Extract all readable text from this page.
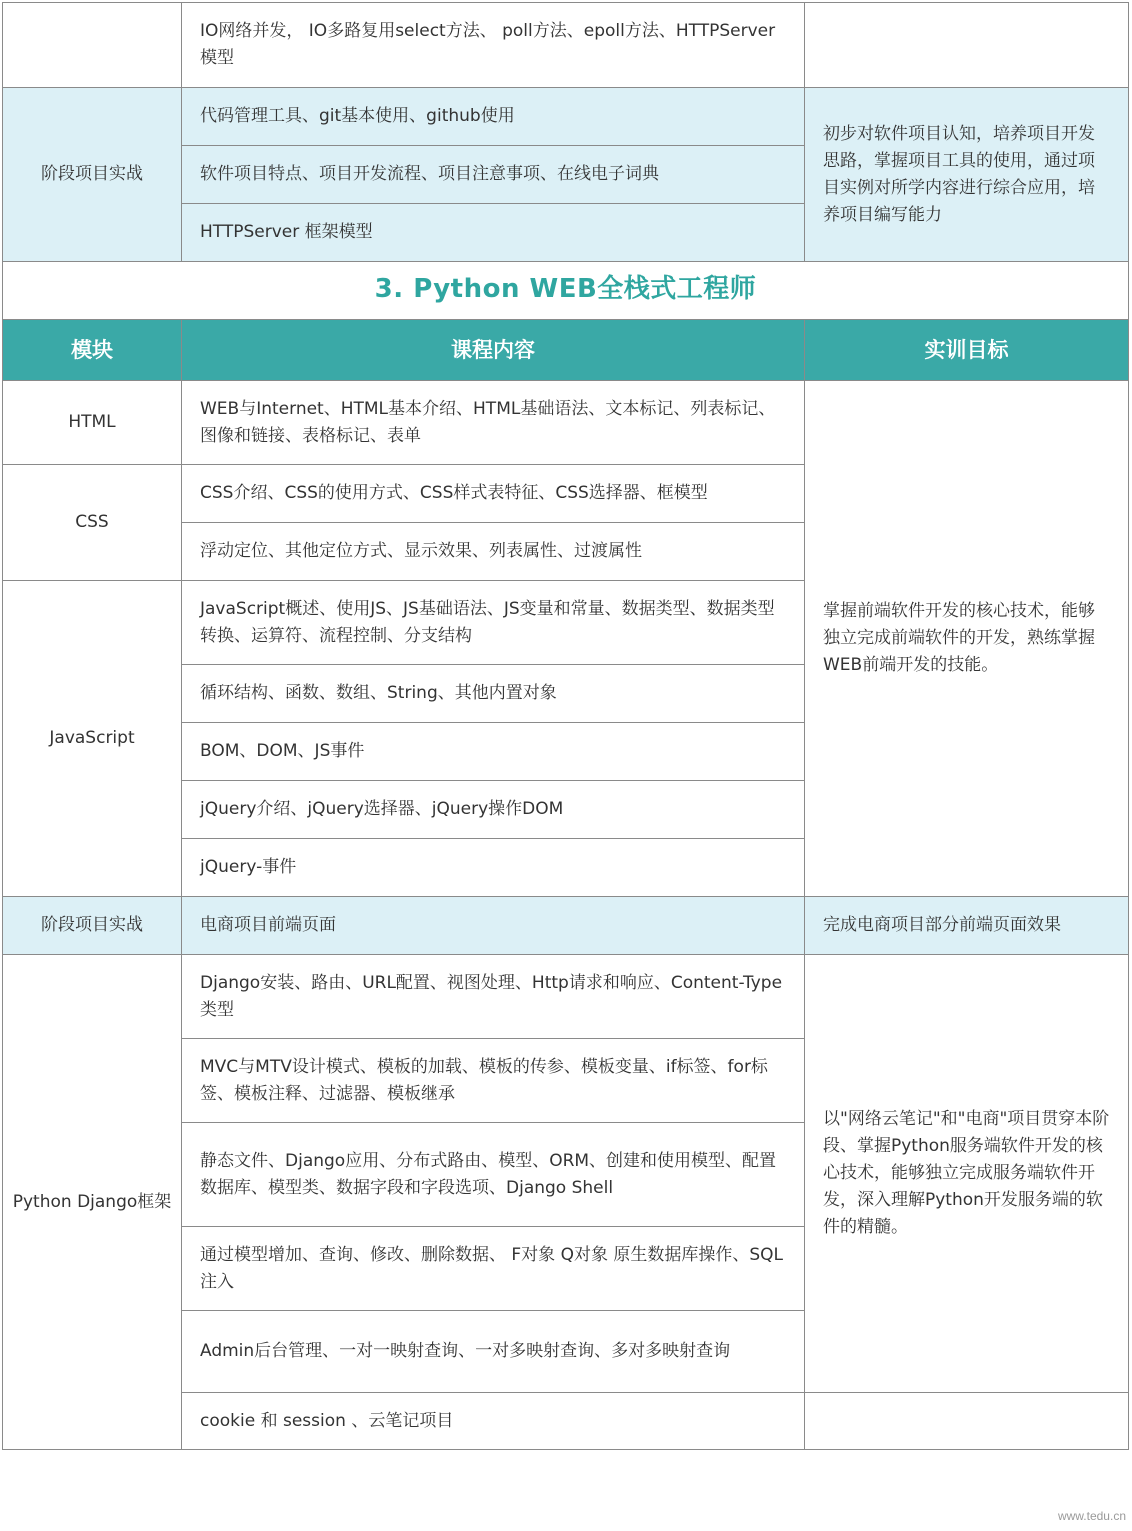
	IO网络并发， IO多路复用select方法、 poll方法、epoll方法、HTTPServer模型	
阶段项目实战	代码管理工具、git基本使用、github使用	初步对软件项目认知，培养项目开发思路，掌握项目工具的使用，通过项目实例对所学内容进行综合应用，培养项目编写能力
	软件项目特点、项目开发流程、项目注意事项、在线电子词典	
	HTTPServer 框架模型	
3. Python WEB全栈式工程师		
模块	课程内容	实训目标
HTML	WEB与Internet、HTML基本介绍、HTML基础语法、文本标记、列表标记、图像和链接、表格标记、表单	掌握前端软件开发的核心技术，能够独立完成前端软件的开发，熟练掌握WEB前端开发的技能。
CSS	CSS介绍、CSS的使用方式、CSS样式表特征、CSS选择器、框模型	
	浮动定位、其他定位方式、显示效果、列表属性、过渡属性	
JavaScript	JavaScript概述、使用JS、JS基础语法、JS变量和常量、数据类型、数据类型转换、运算符、流程控制、分支结构	
	循环结构、函数、数组、String、其他内置对象	
	BOM、DOM、JS事件	
	jQuery介绍、jQuery选择器、jQuery操作DOM	
	jQuery-事件	
阶段项目实战	电商项目前端页面	完成电商项目部分前端页面效果
Python Django框架	Django安装、路由、URL配置、视图处理、Http请求和响应、Content-Type类型	以"网络云笔记"和"电商"项目贯穿本阶段、掌握Python服务端软件开发的核心技术，能够独立完成服务端软件开发，深入理解Python开发服务端的软件的精髓。
	MVC与MTV设计模式、模板的加载、模板的传参、模板变量、if标签、for标签、模板注释、过滤器、模板继承	
	静态文件、Django应用、分布式路由、模型、ORM、创建和使用模型、配置数据库、模型类、数据字段和字段选项、Django Shell	
	通过模型增加、查询、修改、删除数据、 F对象 Q对象 原生数据库操作、SQL注入	
	Admin后台管理、一对一映射查询、一对多映射查询、多对多映射查询	
	cookie 和 session 、云笔记项目	
www.tedu.cn
